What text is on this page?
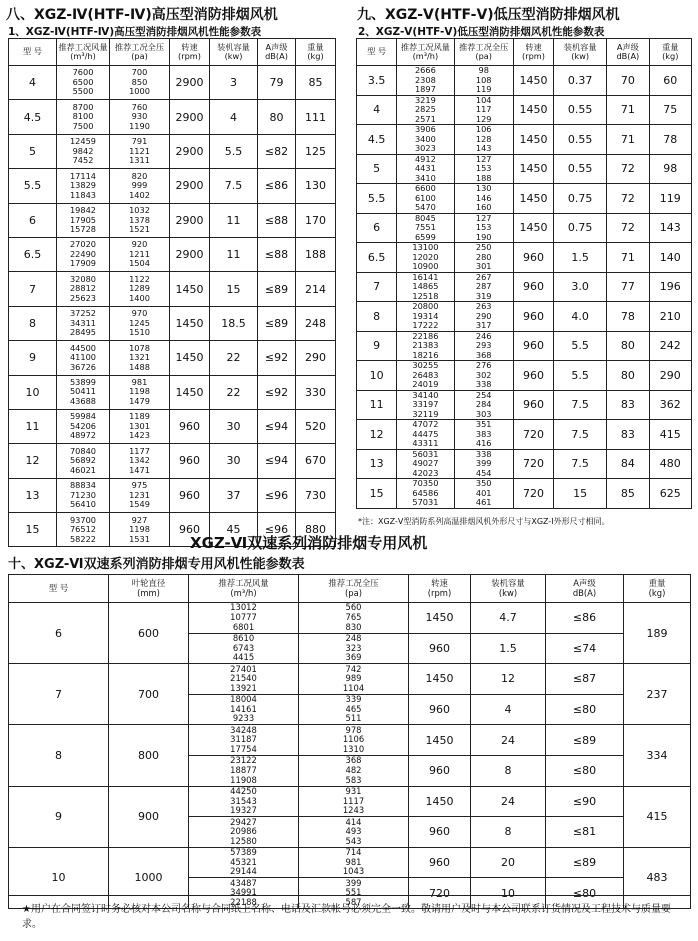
八、XGZ-Ⅳ(HTF-Ⅳ)高压型消防排烟风机
1、XGZ-Ⅳ(HTF-Ⅳ)高压型消防排烟风机性能参数表
型 号	推荐工况风量
(m³/h)	推荐工况全压
(pa)	转速
(rpm)	装机容量
(kw)	A声级
dB(A)	重量
(kg)

4	7600
6500
5500	700
850
1000	2900	3	79	85
4.5	8700
8100
7500	760
930
1190	2900	4	80	111
5	12459
9842
7452	791
1121
1311	2900	5.5	≤82	125
5.5	17114
13829
11843	820
999
1402	2900	7.5	≤86	130
6	19842
17905
15728	1032
1378
1521	2900	11	≤88	170
6.5	27020
22490
17909	920
1211
1504	2900	11	≤88	188
7	32080
28812
25623	1122
1289
1400	1450	15	≤89	214
8	37252
34311
28495	970
1245
1510	1450	18.5	≤89	248
9	44500
41100
36726	1078
1321
1488	1450	22	≤92	290
10	53899
50411
43688	981
1198
1479	1450	22	≤92	330
11	59984
54206
48972	1189
1301
1423	960	30	≤94	520
12	70840
56892
46021	1177
1342
1471	960	30	≤94	670
13	88834
71230
56410	975
1231
1549	960	37	≤96	730
15	93700
76512
58222	927
1198
1531	960	45	≤96	880
九、XGZ-Ⅴ(HTF-Ⅴ)低压型消防排烟风机
2、XGZ-Ⅴ(HTF-Ⅴ)低压型消防排烟风机性能参数表
型 号	推荐工况风量
(m³/h)	推荐工况全压
(pa)	转速
(rpm)	装机容量
(kw)	A声级
dB(A)	重量
(kg)

3.5	2666
2308
1897	98
108
119	1450	0.37	70	60
4	3219
2825
2571	104
117
129	1450	0.55	71	75
4.5	3906
3400
3023	106
128
143	1450	0.55	71	78
5	4912
4431
3410	127
153
188	1450	0.55	72	98
5.5	6600
6100
5470	130
146
160	1450	0.75	72	119
6	8045
7551
6599	127
153
190	1450	0.75	72	143
6.5	13100
12020
10900	250
280
301	960	1.5	71	140
7	16141
14865
12518	267
287
319	960	3.0	77	196
8	20800
19314
17222	263
290
317	960	4.0	78	210
9	22186
21383
18216	246
293
368	960	5.5	80	242
10	30255
26483
24019	276
302
338	960	5.5	80	290
11	34140
33197
32119	254
284
303	960	7.5	83	362
12	47072
44475
43311	351
383
416	720	7.5	83	415
13	56031
49027
42023	338
399
454	720	7.5	84	480
15	70350
64586
57031	350
401
461	720	15	85	625
*注：XGZ-Ⅴ型消防系列高温排烟风机外形尺寸与XGZ-Ⅰ外形尺寸相同。
XGZ-Ⅵ双速系列消防排烟专用风机
十、XGZ-Ⅵ双速系列消防排烟专用风机性能参数表
型 号	叶轮直径
(mm)	推荐工况风量
(m³/h)	推荐工况全压
(pa)	转速
(rpm)	装机容量
(kw)	A声级
dB(A)	重量
(kg)

6	600	13012
10777
6801	560
765
830	1450	4.7	≤86	189

		8610
6743
4415	248
323
369	960	1.5	≤74	
7	700	27401
21540
13921	742
989
1104	1450	12	≤87	237

		18004
14161
9233	339
465
511	960	4	≤80	
8	800	34248
31187
17754	978
1106
1310	1450	24	≤89	334

		23122
18877
11908	368
482
583	960	8	≤80	
9	900	44250
31543
19327	931
1117
1243	1450	24	≤90	415

		29427
20986
12580	414
493
543	960	8	≤81	
10	1000	57389
45321
29144	714
981
1043	960	20	≤89	483

		43487
34991
22188	399
551
587	720	10	≤80	
★用户在合同签订时务必核对本公司名称与合同纸上名称、电话及汇款帐号必须完全一致。敬请用户及时与本公司联系订货情况及工程技术与质量要求。
